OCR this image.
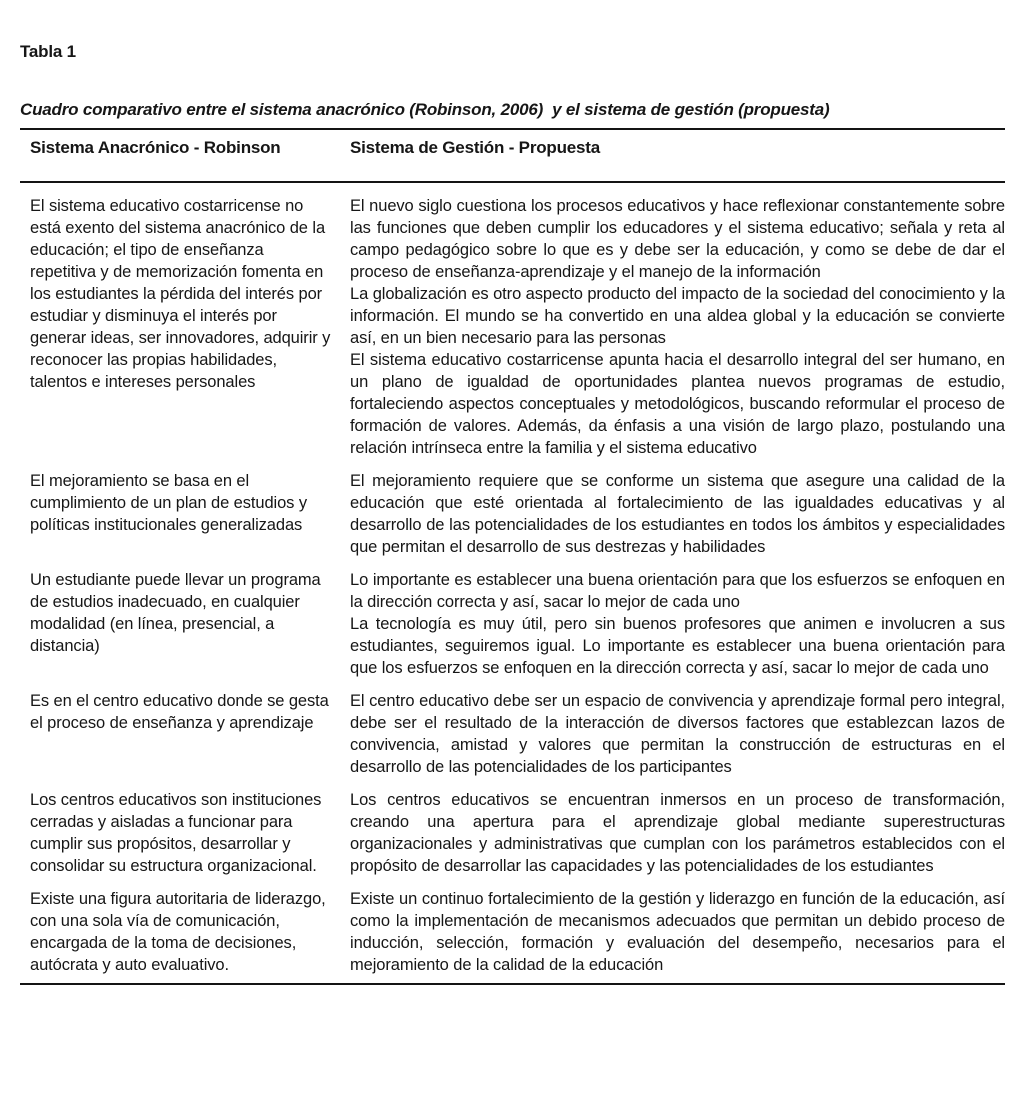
Tabla 1
Cuadro comparativo entre el sistema anacrónico (Robinson, 2006)  y el sistema de gestión (propuesta)
Sistema Anacrónico - Robinson	Sistema de Gestión - Propuesta

El sistema educativo costarricense no está exento del sistema anacrónico de la educación; el tipo de enseñanza repetitiva y de memorización fomenta en los estudiantes la pérdida del interés por estudiar y disminuya el interés por generar ideas, ser innovadores, adquirir y reconocer las propias habilidades, talentos e intereses personales

El nuevo siglo cuestiona los procesos educativos y hace reflexionar constantemente sobre las funciones que deben cumplir los educadores y el sistema educativo; señala y reta al campo pedagógico sobre lo que es y debe ser la educación, y como se debe de dar el proceso de enseñanza-aprendizaje y el manejo de la información

La globalización es otro aspecto producto del impacto de la sociedad del conocimiento y la información. El mundo se ha convertido en una aldea global y la educación se convierte así, en un bien necesario para las personas

El sistema educativo costarricense apunta hacia el desarrollo integral del ser humano, en un plano de igualdad de oportunidades plantea nuevos programas de estudio, fortaleciendo aspectos conceptuales y metodológicos, buscando reformular el proceso de formación de valores. Además, da énfasis a una visión de largo plazo, postulando una relación intrínseca entre la familia y el sistema educativo

El mejoramiento se basa en el cumplimiento de un plan de estudios y políticas institucionales generalizadas

El mejoramiento requiere que se conforme un sistema que asegure una calidad de la educación que esté orientada al fortalecimiento de las igualdades educativas y al desarrollo de las potencialidades de los estudiantes en todos los ámbitos y especialidades que permitan el desarrollo de sus destrezas y habilidades

Un estudiante puede llevar un programa de estudios inadecuado, en cualquier modalidad (en línea, presencial, a distancia)

Lo importante es establecer una buena orientación para que los esfuerzos se enfoquen en la dirección correcta y así, sacar lo mejor de cada uno

La tecnología es muy útil, pero sin buenos profesores que animen e involucren a sus estudiantes, seguiremos igual. Lo importante es establecer una buena orientación para que los esfuerzos se enfoquen en la dirección correcta y así, sacar lo mejor de cada uno

Es en el centro educativo donde se gesta el proceso de enseñanza y aprendizaje

El centro educativo debe ser un espacio de convivencia y aprendizaje formal pero integral, debe ser el resultado de la interacción de diversos factores que establezcan lazos de convivencia, amistad y valores que permitan la construcción de estructuras en el desarrollo de las potencialidades de los participantes

Los centros educativos son instituciones cerradas y aisladas a funcionar para cumplir sus propósitos, desarrollar y consolidar su estructura organizacional.

Los centros educativos se encuentran inmersos en un proceso de transformación, creando una apertura para el aprendizaje global mediante superestructuras organizacionales y administrativas que cumplan con los parámetros establecidos con el propósito de desarrollar las capacidades y las potencialidades de los estudiantes

Existe una figura autoritaria de liderazgo, con una sola vía de comunicación, encargada de la toma de decisiones, autócrata y auto evaluativo.

Existe un continuo fortalecimiento de la gestión y liderazgo en función de la educación, así como la implementación de mecanismos adecuados que permitan un debido proceso de inducción, selección, formación y evaluación del desempeño, necesarios para el mejoramiento de la calidad de la educación
